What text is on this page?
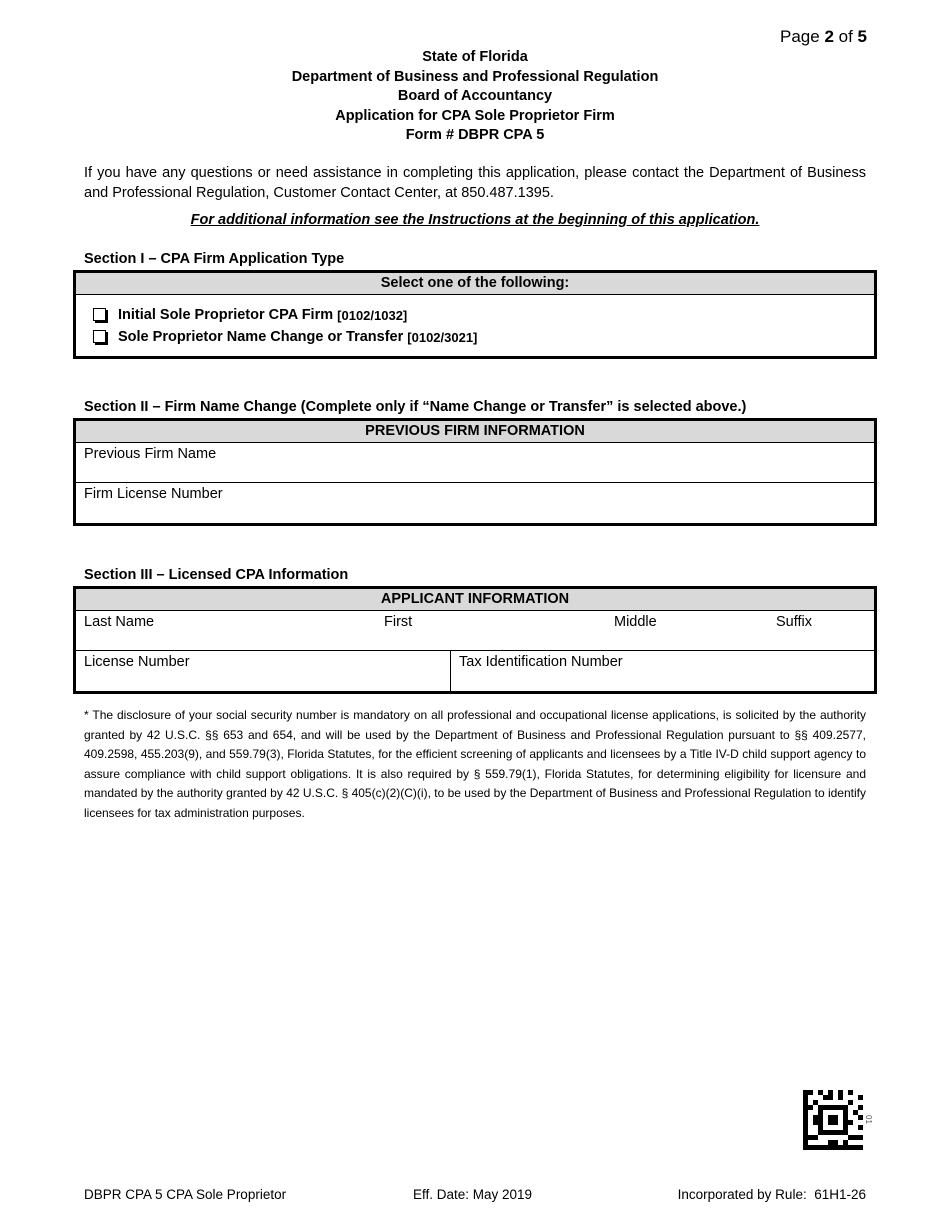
Page 2 of 5
State of Florida
Department of Business and Professional Regulation
Board of Accountancy
Application for CPA Sole Proprietor Firm
Form # DBPR CPA 5
If you have any questions or need assistance in completing this application, please contact the Department of Business and Professional Regulation, Customer Contact Center, at 850.487.1395.
For additional information see the Instructions at the beginning of this application.
Section I – CPA Firm Application Type
Select one of the following:
Initial Sole Proprietor CPA Firm
[0102/1032]
Sole Proprietor Name Change or Transfer
[0102/3021]
Section II – Firm Name Change (Complete only if “Name Change or Transfer” is selected above.)
PREVIOUS FIRM INFORMATION
Previous Firm Name
Firm License Number
Section III – Licensed CPA Information
APPLICANT INFORMATION
Last Name	First	Middle	Suffix
License Number	Tax Identification Number
* The disclosure of your social security number is mandatory on all professional and occupational license applications, is solicited by the authority granted by 42 U.S.C. §§ 653 and 654, and will be used by the Department of Business and Professional Regulation pursuant to §§ 409.2577, 409.2598, 455.203(9), and 559.79(3), Florida Statutes, for the efficient screening of applicants and licensees by a Title IV-D child support agency to assure compliance with child support obligations. It is also required by § 559.79(1), Florida Statutes, for determining eligibility for licensure and mandated by the authority granted by 42 U.S.C. § 405(c)(2)(C)(i), to be used by the Department of Business and Professional Regulation to identify licensees for tax administration purposes.
01
DBPR CPA 5 CPA Sole Proprietor	Eff. Date: May 2019	Incorporated by Rule:  61H1-26
